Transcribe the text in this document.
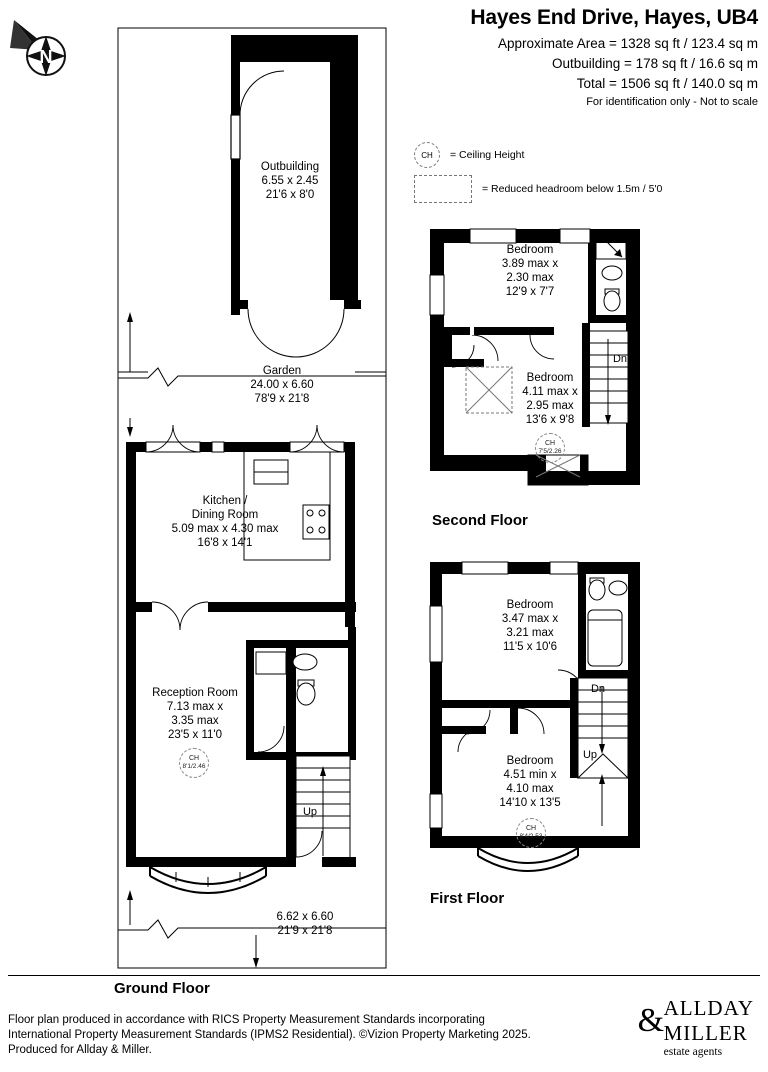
Hayes End Drive, Hayes, UB4
Approximate Area = 1328 sq ft / 123.4 sq m
Outbuilding = 178 sq ft / 16.6 sq m
Total = 1506 sq ft / 140.0 sq m
For identification only - Not to scale
N
CH = Ceiling Height
= Reduced headroom below 1.5m / 5'0
Outbuilding
6.55 x 2.45
21'6 x 8'0
Garden
24.00 x 6.60
78'9 x 21'8
Kitchen /
Dining Room
5.09 max x 4.30 max
16'8 x 14'1
Reception Room
7.13 max x
3.35 max
23'5 x 11'0
CH
8'1/2.46
Up
6.62 x 6.60
21'9 x 21'8
Ground Floor
Bedroom
3.89 max x
2.30 max
12'9 x 7'7
Bedroom
4.11 max x
2.95 max
13'6 x 9'8
CH
7'5/2.26
Dn
Second Floor
Bedroom
3.47 max x
3.21 max
11'5 x 10'6
Bedroom
4.51 min x
4.10 max
14'10 x 13'5
CH
8'4/2.53
Dn
Up
First Floor
Floor plan produced in accordance with RICS Property Measurement Standards incorporating
International Property Measurement Standards (IPMS2 Residential). ©Vizion Property Marketing 2025.
Produced for Allday & Miller.
& ALLDAY
MILLER
estate agents
